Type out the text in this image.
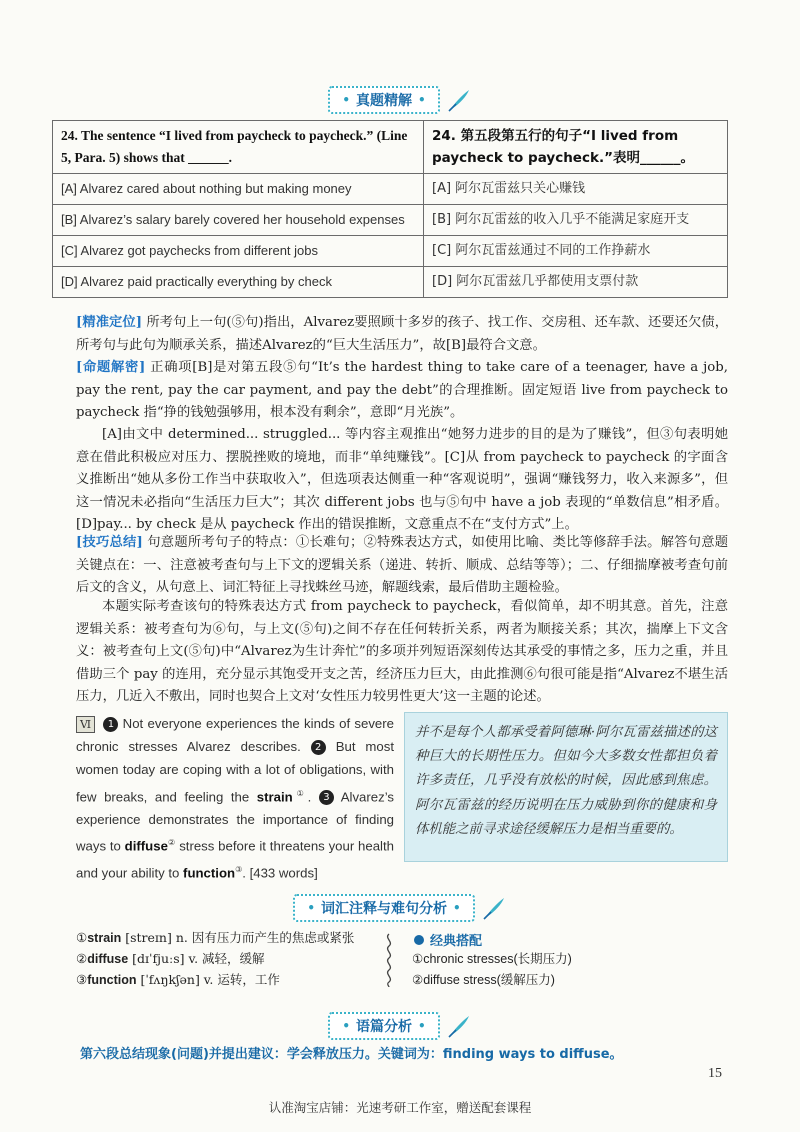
• 真题精解 •
24. The sentence “I lived from paycheck to paycheck.” (Line 5, Para. 5) shows that ______.	24. 第五段第五行的句子“I lived from paycheck to paycheck.”表明______。
[A] Alvarez cared about nothing but making money	[A] 阿尔瓦雷兹只关心赚钱
[B] Alvarez’s salary barely covered her household expenses	[B] 阿尔瓦雷兹的收入几乎不能满足家庭开支
[C] Alvarez got paychecks from different jobs	[C] 阿尔瓦雷兹通过不同的工作挣薪水
[D] Alvarez paid practically everything by check	[D] 阿尔瓦雷兹几乎都使用支票付款

[精准定位] 所考句上一句(⑤句)指出，Alvarez要照顾十多岁的孩子、找工作、交房租、还车款、还要还欠债，所考句与此句为顺承关系，描述Alvarez的“巨大生活压力”，故[B]最符合文意。

[命题解密] 正确项[B]是对第五段⑤句“It’s the hardest thing to take care of a teenager, have a job, pay the rent, pay the car payment, and pay the debt”的合理推断。固定短语 live from paycheck to paycheck 指“挣的钱勉强够用，根本没有剩余”，意即“月光族”。

[A]由文中 determined... struggled... 等内容主观推出“她努力进步的目的是为了赚钱”，但③句表明她意在借此积极应对压力、摆脱挫败的境地，而非“单纯赚钱”。[C]从 from paycheck to paycheck 的字面含义推断出“她从多份工作当中获取收入”，但选项表达侧重一种“客观说明”，强调“赚钱努力，收入来源多”，但这一情况未必指向“生活压力巨大”；其次 different jobs 也与⑤句中 have a job 表现的“单数信息”相矛盾。[D]pay... by check 是从 paycheck 作出的错误推断，文意重点不在“支付方式”上。

[技巧总结] 句意题所考句子的特点：①长难句；②特殊表达方式，如使用比喻、类比等修辞手法。解答句意题关键点在：一、注意被考查句与上下文的逻辑关系（递进、转折、顺成、总结等等）；二、仔细揣摩被考查句前后文的含义，从句意上、词汇特征上寻找蛛丝马迹，解题线索，最后借助主题检验。

本题实际考查该句的特殊表达方式 from paycheck to paycheck，看似简单，却不明其意。首先，注意逻辑关系：被考查句为⑥句，与上文(⑤句)之间不存在任何转折关系，两者为顺接关系；其次，揣摩上下文含义：被考查句上文(⑤句)中“Alvarez为生计奔忙”的多项并列短语深刻传达其承受的事情之多，压力之重，并且借助三个 pay 的连用，充分显示其饱受开支之苦，经济压力巨大，由此推测⑥句很可能是指“Alvarez不堪生活压力，几近入不敷出，同时也契合上文对‘女性压力较男性更大’这一主题的论述。

Ⅵ 1 Not everyone experiences the kinds of severe chronic stresses Alvarez describes. 2 But most women today are coping with a lot of obligations, with few breaks, and feeling the strain①. 3 Alvarez’s experience demonstrates the importance of finding ways to diffuse② stress before it threatens your health and your ability to function③. [433 words]
并不是每个人都承受着阿德琳·阿尔瓦雷兹描述的这种巨大的长期性压力。但如今大多数女性都担负着许多责任，几乎没有放松的时候，因此感到焦虑。阿尔瓦雷兹的经历说明在压力威胁到你的健康和身体机能之前寻求途径缓解压力是相当重要的。
• 词汇注释与难句分析 •
①strain [streɪn] n. 因有压力而产生的焦虑或紧张
②diffuse [dɪˈfjuːs] v. 减轻，缓解
③function [ˈfʌŋkʃən] v. 运转，工作
经典搭配
①chronic stresses(长期压力)
②diffuse stress(缓解压力)
• 语篇分析 •
第六段总结现象(问题)并提出建议：学会释放压力。关键词为：finding ways to diffuse。
15
认准淘宝店铺：光速考研工作室，赠送配套课程
